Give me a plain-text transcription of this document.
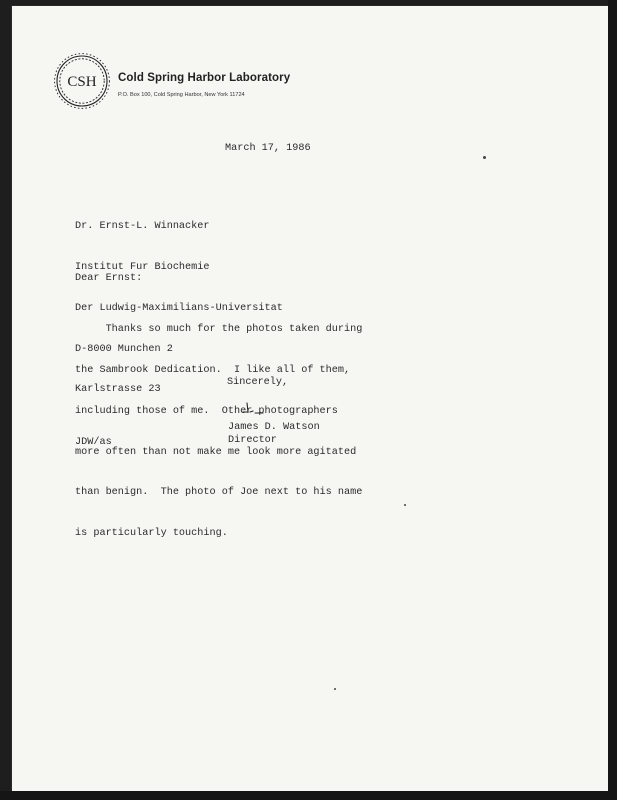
CSH Cold Spring Harbor Laboratory
P.O. Box 100, Cold Spring Harbor, New York 11724
March 17, 1986

Dr. Ernst-L. Winnacker

Institut Fur Biochemie

Der Ludwig-Maximilians-Universitat

D-8000 Munchen 2

Karlstrasse 23

Dear Ernst:

Thanks so much for the photos taken during

the Sambrook Dedication.  I like all of them,

including those of me.  Other photographers

more often than not make me look more agitated

than benign.  The photo of Joe next to his name

is particularly touching.

Sincerely,
James D. Watson
Director
JDW/as
